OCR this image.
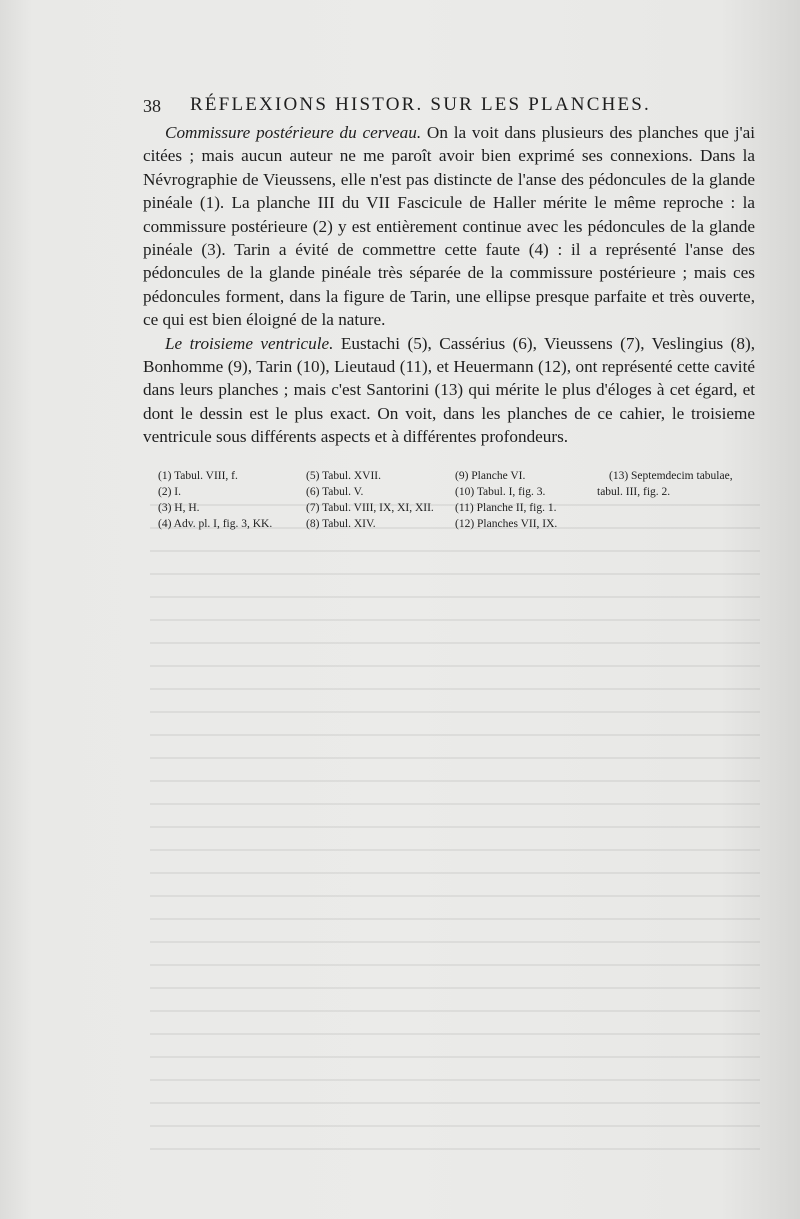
38 RÉFLEXIONS HISTOR. SUR LES PLANCHES.

Commissure postérieure du cerveau. On la voit dans plusieurs des planches que j'ai citées ; mais aucun auteur ne me paroît avoir bien exprimé ses connexions. Dans la Névrographie de Vieussens, elle n'est pas distincte de l'anse des pédoncules de la glande pinéale (1). La planche III du VII Fascicule de Haller mérite le même reproche : la commissure postérieure (2) y est entièrement continue avec les pédoncules de la glande pinéale (3). Tarin a évité de commettre cette faute (4) : il a représenté l'anse des pédoncules de la glande pinéale très séparée de la commissure postérieure ; mais ces pédoncules forment, dans la figure de Tarin, une ellipse presque parfaite et très ouverte, ce qui est bien éloigné de la nature.

Le troisieme ventricule. Eustachi (5), Cassérius (6), Vieussens (7), Veslingius (8), Bonhomme (9), Tarin (10), Lieutaud (11), et Heuermann (12), ont représenté cette cavité dans leurs planches ; mais c'est Santorini (13) qui mérite le plus d'éloges à cet égard, et dont le dessin est le plus exact. On voit, dans les planches de ce cahier, le troisieme ventricule sous différents aspects et à différentes profondeurs.

(1) Tabul. VIII, f.
(2) I.
(3) H, H.
(4) Adv. pl. I, fig. 3, KK.
(5) Tabul. XVII.
(6) Tabul. V.
(7) Tabul. VIII, IX, XI, XII.
(8) Tabul. XIV.
(9) Planche VI.
(10) Tabul. I, fig. 3.
(11) Planche II, fig. 1.
(12) Planches VII, IX.
(13) Septemdecim tabulae,
tabul. III, fig. 2.
